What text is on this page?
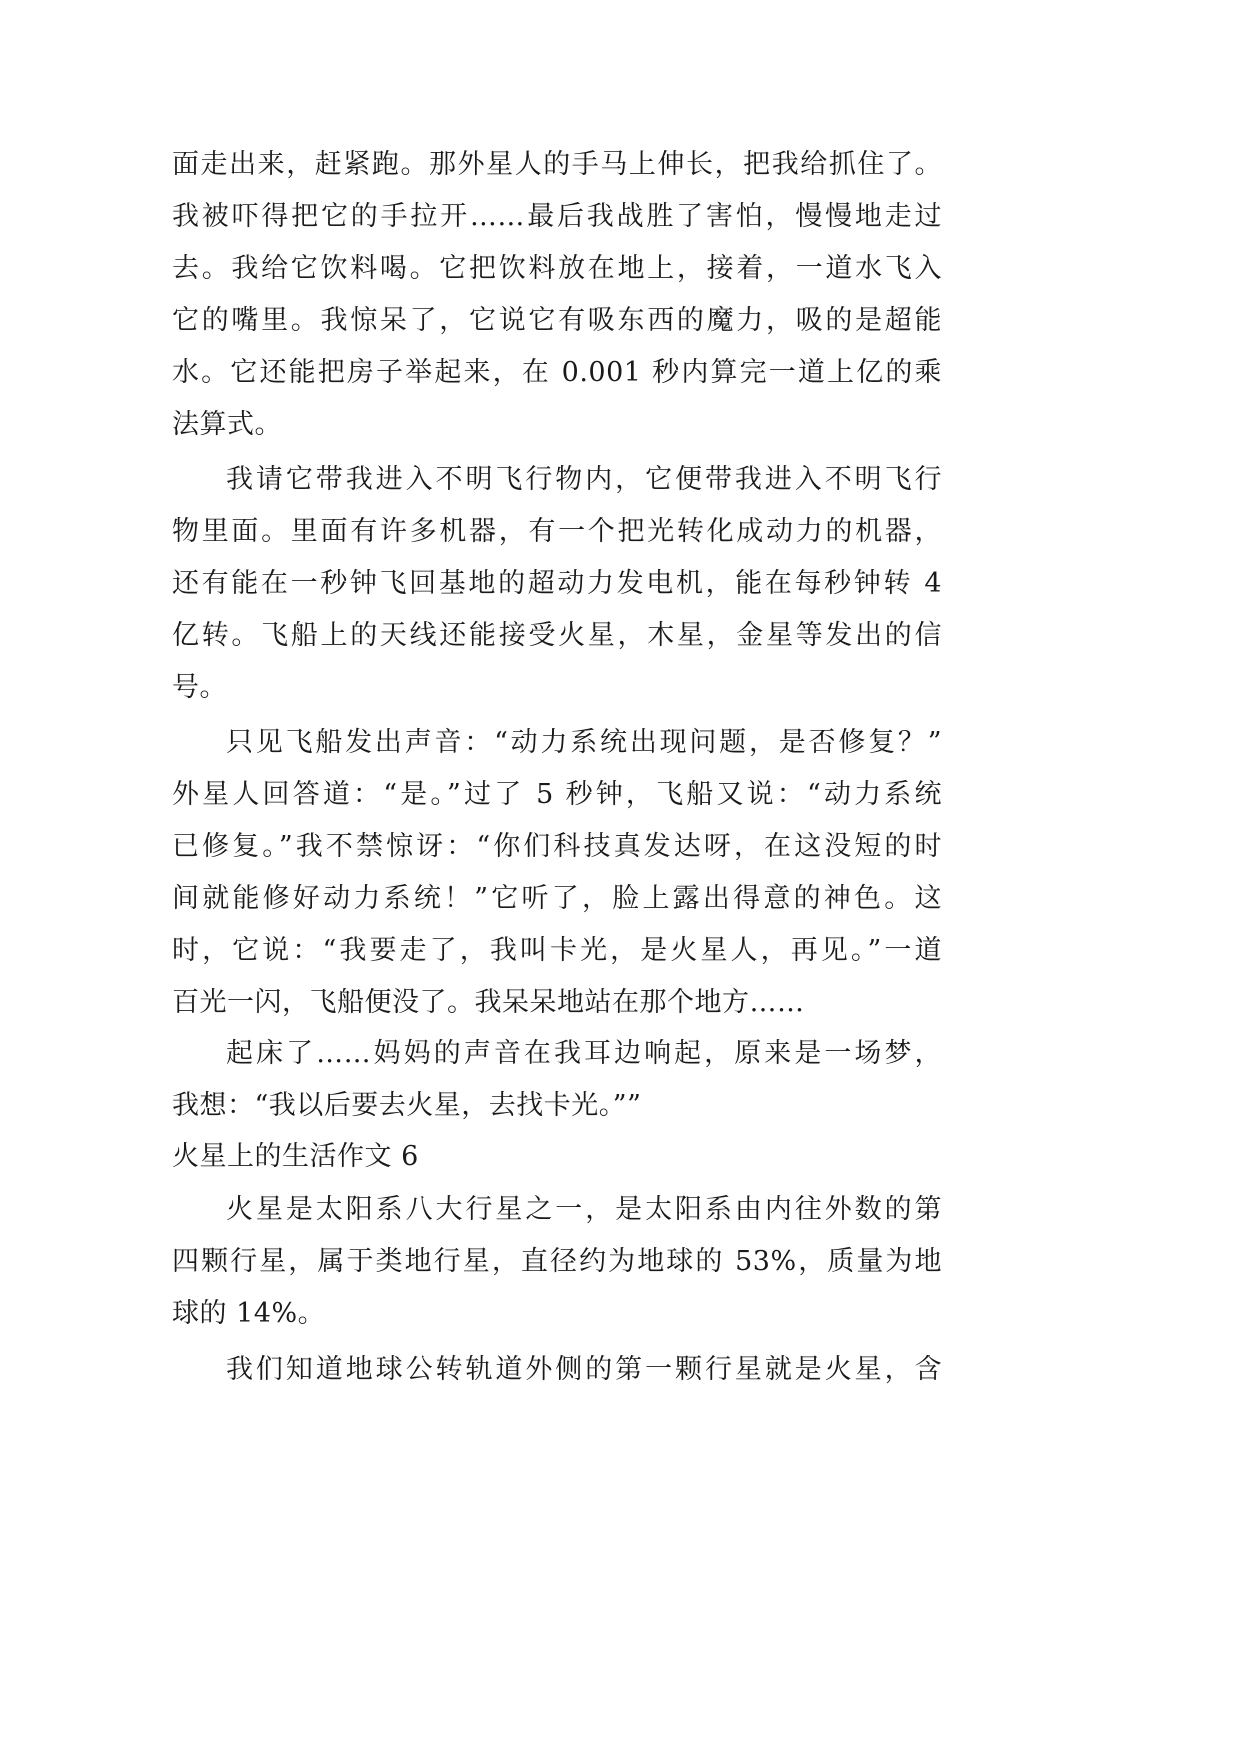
面走出来，赶紧跑。那外星人的手马上伸长，把我给抓住了。
我被吓得把它的手拉开……最后我战胜了害怕，慢慢地走过
去。我给它饮料喝。它把饮料放在地上，接着，一道水飞入
它的嘴里。我惊呆了，它说它有吸东西的魔力，吸的是超能
水。它还能把房子举起来，在 0.001 秒内算完一道上亿的乘
法算式。
我请它带我进入不明飞行物内，它便带我进入不明飞行
物里面。里面有许多机器，有一个把光转化成动力的机器，
还有能在一秒钟飞回基地的超动力发电机，能在每秒钟转 4
亿转。飞船上的天线还能接受火星，木星，金星等发出的信
号。
只见飞船发出声音：“动力系统出现问题，是否修复？”
外星人回答道：“是。”过了 5 秒钟，飞船又说：“动力系统
已修复。”我不禁惊讶：“你们科技真发达呀，在这没短的时
间就能修好动力系统！”它听了，脸上露出得意的神色。这
时，它说：“我要走了，我叫卡光，是火星人，再见。”一道
百光一闪，飞船便没了。我呆呆地站在那个地方……
起床了……妈妈的声音在我耳边响起，原来是一场梦，
我想：“我以后要去火星，去找卡光。””
火星上的生活作文 6
火星是太阳系八大行星之一，是太阳系由内往外数的第
四颗行星，属于类地行星，直径约为地球的 53%，质量为地
球的 14%。
我们知道地球公转轨道外侧的第一颗行星就是火星，含
